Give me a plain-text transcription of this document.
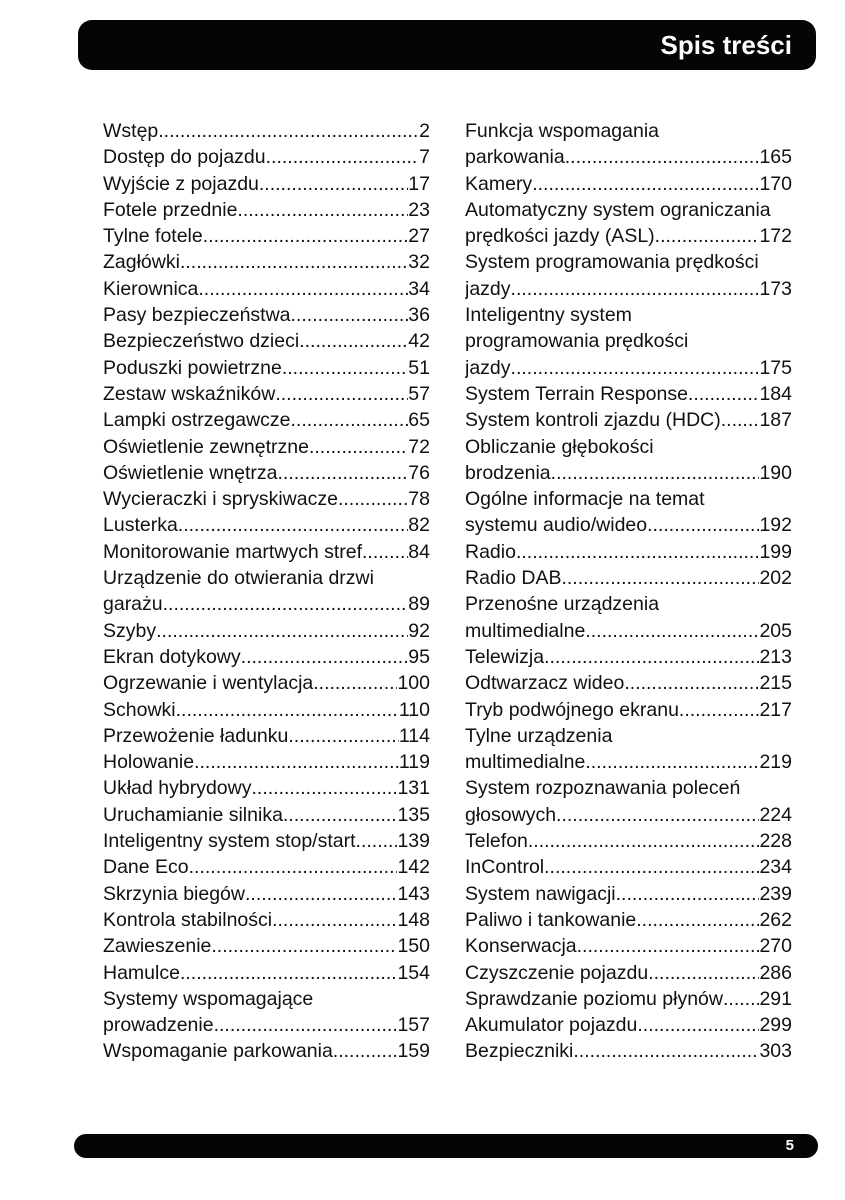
Spis treści
Wstęp .....	2
Dostęp do pojazdu .....	7
Wyjście z pojazdu .....	17
Fotele przednie .....	23
Tylne fotele .....	27
Zagłówki .....	32
Kierownica .....	34
Pasy bezpieczeństwa .....	36
Bezpieczeństwo dzieci .....	42
Poduszki powietrzne .....	51
Zestaw wskaźników .....	57
Lampki ostrzegawcze .....	65
Oświetlenie zewnętrzne .....	72
Oświetlenie wnętrza .....	76
Wycieraczki i spryskiwacze .....	78
Lusterka .....	82
Monitorowanie martwych stref ..... 84
Urządzenie do otwierania drzwi
garażu .....	89
Szyby .....	92
Ekran dotykowy .....	95
Ogrzewanie i wentylacja .....	100
Schowki .....	110
Przewożenie ładunku .....	114
Holowanie .....	119
Układ hybrydowy .....	131
Uruchamianie silnika .....	135
Inteligentny system stop/start ..... 139
Dane Eco .....	142
Skrzynia biegów .....	143
Kontrola stabilności .....	148
Zawieszenie .....	150
Hamulce .....	154
Systemy wspomagające
prowadzenie .....	157
Wspomaganie parkowania .....	159
Funkcja wspomagania
parkowania .....	165
Kamery .....	170
Automatyczny system ograniczania
prędkości jazdy (ASL) .....	172
System programowania prędkości
jazdy .....	173
Inteligentny system
programowania prędkości
jazdy .....	175
System Terrain Response .....	184
System kontroli zjazdu (HDC) ..... 187
Obliczanie głębokości
brodzenia .....	190
Ogólne informacje na temat
systemu audio/wideo .....	192
Radio .....	199
Radio DAB .....	202
Przenośne urządzenia
multimedialne .....	205
Telewizja .....	213
Odtwarzacz wideo .....	215
Tryb podwójnego ekranu .....	217
Tylne urządzenia
multimedialne .....	219
System rozpoznawania poleceń
głosowych .....	224
Telefon .....	228
InControl .....	234
System nawigacji .....	239
Paliwo i tankowanie .....	262
Konserwacja .....	270
Czyszczenie pojazdu .....	286
Sprawdzanie poziomu płynów ..... 291
Akumulator pojazdu .....	299
Bezpieczniki .....	303
5
